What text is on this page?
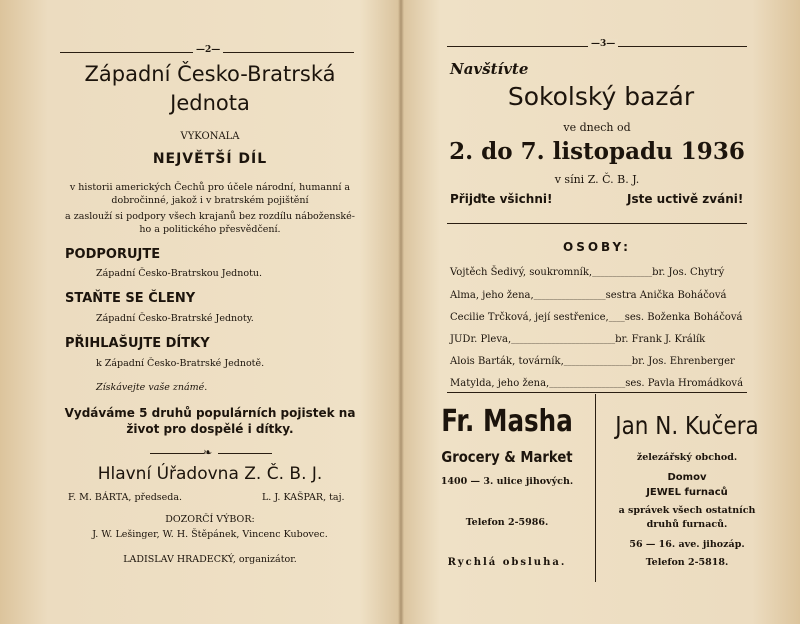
—2—
Západní Česko-Bratrská
Jednota
VYKONALA
NEJVĚTŠÍ DÍL
v historii amerických Čechů pro účele národní, humanní a
dobročinné, jakož i v bratrském pojištění
a zaslouží si podpory všech krajanů bez rozdílu náboženské-
ho a politického přesvědčení.
PODPORUJTE
Západní Česko-Bratrskou Jednotu.
STAŇTE SE ČLENY
Západní Česko-Bratrské Jednoty.
PŘIHLAŠUJTE DÍTKY
k Západní Česko-Bratrské Jednotě.
Získávejte vaše známé.
Vydáváme 5 druhů populárních pojistek na
život pro dospělé i dítky.
❧
Hlavní Úřadovna Z. Č. B. J.
F. M. BÁRTA, předseda.	L. J. KAŠPAR, taj.
DOZORČÍ VÝBOR:
J. W. Lešinger, W. H. Štěpánek, Vincenc Kubovec.
LADISLAV HRADECKÝ, organizátor.
—3—
Navštívte
Sokolský bazár
ve dnech od
2. do 7. listopadu 1936
v síni Z. Č. B. J.
Přijďte všichni!	Jste uctivě zváni!
OSOBY:
Vojtěch Šedivý, soukromník,_______________br. Jos. Chytrý
Alma, jeho žena,__________________sestra Anička Boháčová
Cecilie Trčková, její sestřenice,____ses. Boženka Boháčová
JUDr. Pleva,__________________________br. Frank J. Králík
Alois Barták, továrník,_________________br. Jos. Ehrenberger
Matylda, jeho žena,___________________ses. Pavla Hromádková
Fr. Masha
Grocery & Market
1400 — 3. ulice jihových.
Telefon 2-5986.
Rychlá obsluha.
Jan N. Kučera
železářský obchod.
Domov
JEWEL furnaců
a správek všech ostatních
druhů furnaců.
56 — 16. ave. jihozáp.
Telefon 2-5818.
